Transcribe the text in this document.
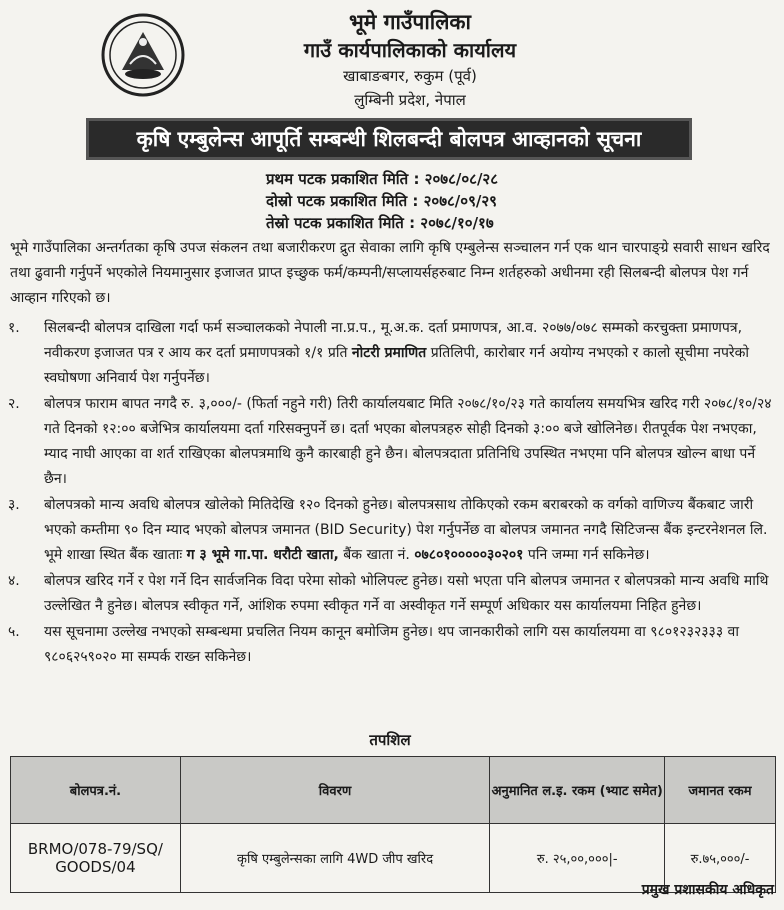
भूमे गाउँपालिका
गाउँ कार्यपालिकाको कार्यालय
खाबाङबगर, रुकुम (पूर्व)
लुम्बिनी प्रदेश, नेपाल
कृषि एम्बुलेन्स आपूर्ति सम्बन्धी शिलबन्दी बोलपत्र आव्हानको सूचना
प्रथम पटक प्रकाशित मिति : २०७८/०८/२८
दोस्रो पटक प्रकाशित मिति : २०७८/०९/२९
तेस्रो पटक प्रकाशित मिति : २०७८/१०/१७
भूमे गाउँपालिका अन्तर्गतका कृषि उपज संकलन तथा बजारीकरण द्रुत सेवाका लागि कृषि एम्बुलेन्स सञ्चालन गर्न एक थान चारपाङ्ग्रे सवारी साधन खरिद तथा ढुवानी गर्नुपर्ने भएकोले नियमानुसार इजाजत प्राप्त इच्छुक फर्म/कम्पनी/सप्लायर्सहरुबाट निम्न शर्तहरुको अधीनमा रही सिलबन्दी बोलपत्र पेश गर्न आव्हान गरिएको छ।
१.	सिलबन्दी बोलपत्र दाखिला गर्दा फर्म सञ्चालकको नेपाली ना.प्र.प., मू.अ.क. दर्ता प्रमाणपत्र, आ.व. २०७७/०७८ सम्मको करचुक्ता प्रमाणपत्र, नवीकरण इजाजत पत्र र आय कर दर्ता प्रमाणपत्रको १/१ प्रति नोटरी प्रमाणित प्रतिलिपी, कारोबार गर्न अयोग्य नभएको र कालो सूचीमा नपरेको स्वघोषणा अनिवार्य पेश गर्नुपर्नेछ।
२.	बोलपत्र फाराम बापत नगदै रु. ३,०००/- (फिर्ता नहुने गरी) तिरी कार्यालयबाट मिति २०७८/१०/२३ गते कार्यालय समयभित्र खरिद गरी २०७८/१०/२४ गते दिनको १२:०० बजेभित्र कार्यालयमा दर्ता गरिसक्नुपर्ने छ। दर्ता भएका बोलपत्रहरु सोही दिनको ३:०० बजे खोलिनेछ। रीतपूर्वक पेश नभएका, म्याद नाघी आएका वा शर्त राखिएका बोलपत्रमाथि कुनै कारबाही हुने छैन। बोलपत्रदाता प्रतिनिधि उपस्थित नभएमा पनि बोलपत्र खोल्न बाधा पर्ने छैन।
३.	बोलपत्रको मान्य अवधि बोलपत्र खोलेको मितिदेखि १२० दिनको हुनेछ। बोलपत्रसाथ तोकिएको रकम बराबरको क वर्गको वाणिज्य बैंकबाट जारी भएको कम्तीमा ९० दिन म्याद भएको बोलपत्र जमानत (BID Security) पेश गर्नुपर्नेछ वा बोलपत्र जमानत नगदै सिटिजन्स बैंक इन्टरनेशनल लि. भूमे शाखा स्थित बैंक खाताः ग ३ भूमे गा.पा. धरौटी खाता, बैंक खाता नं. ०७८०१०००००३०२०१ पनि जम्मा गर्न सकिनेछ।
४.	बोलपत्र खरिद गर्ने र पेश गर्ने दिन सार्वजनिक विदा परेमा सोको भोलिपल्ट हुनेछ। यसो भएता पनि बोलपत्र जमानत र बोलपत्रको मान्य अवधि माथि उल्लेखित नै हुनेछ। बोलपत्र स्वीकृत गर्ने, आंशिक रुपमा स्वीकृत गर्ने वा अस्वीकृत गर्ने सम्पूर्ण अधिकार यस कार्यालयमा निहित हुनेछ।
५.	यस सूचनामा उल्लेख नभएको सम्बन्धमा प्रचलित नियम कानून बमोजिम हुनेछ। थप जानकारीको लागि यस कार्यालयमा वा ९८०१२३२३३३ वा ९८०६२५९०२० मा सम्पर्क राख्न सकिनेछ।
तपशिल
बोलपत्र.नं.	विवरण	अनुमानित ल.इ. रकम (भ्याट समेत)	जमानत रकम
BRMO/078-79/SQ/ GOODS/04	कृषि एम्बुलेन्सका लागि 4WD जीप खरिद	रु. २५,००,०००|-	रु.७५,०००/-
प्रमुख प्रशासकीय अधिकृत
